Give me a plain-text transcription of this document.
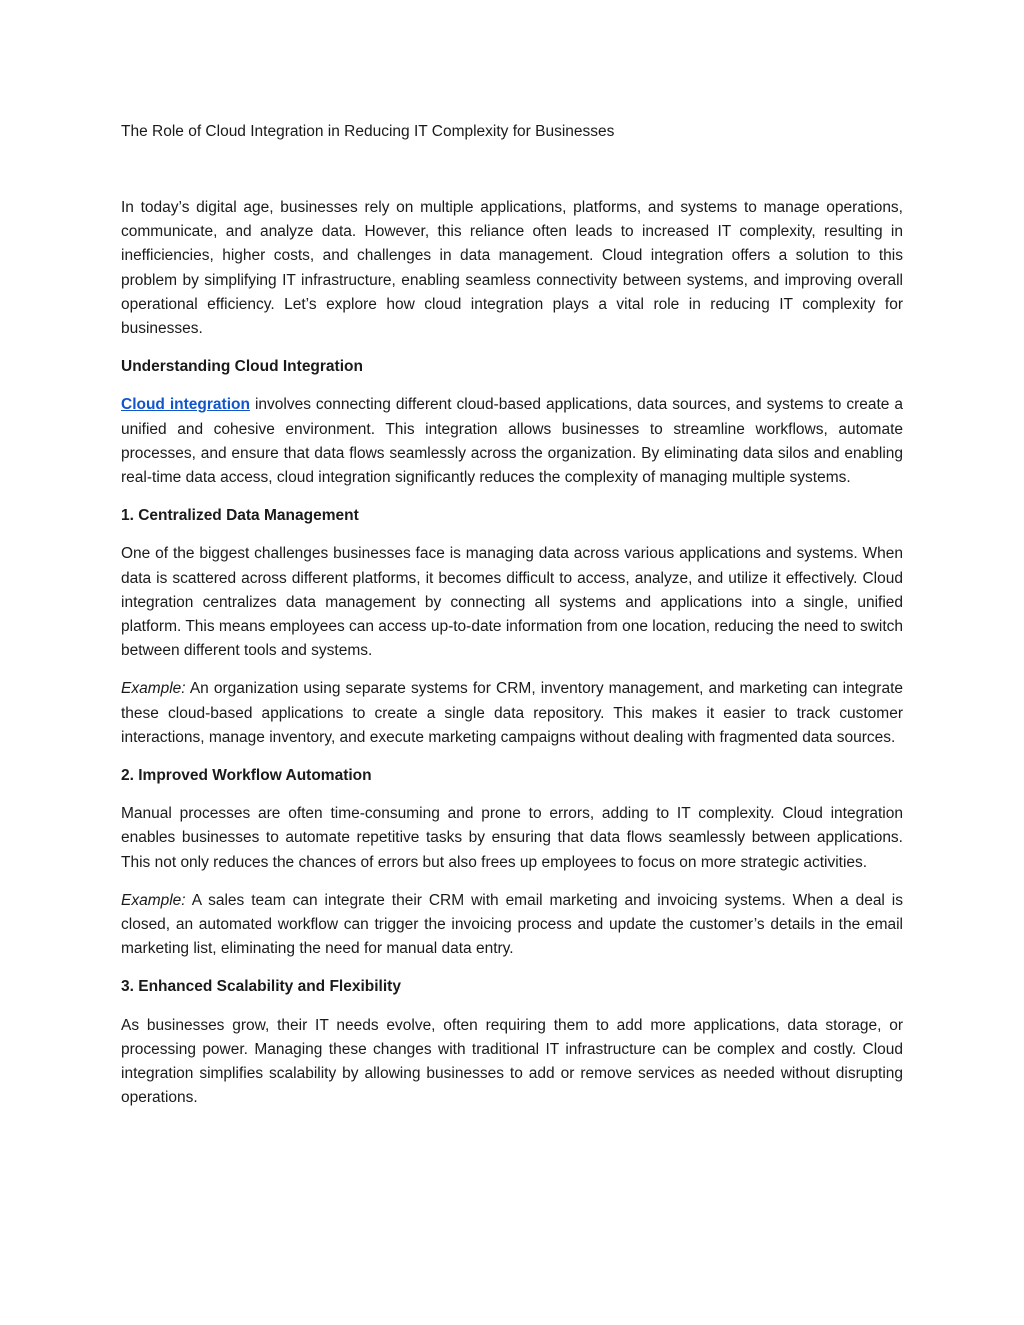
The Role of Cloud Integration in Reducing IT Complexity for Businesses

In today’s digital age, businesses rely on multiple applications, platforms, and systems to manage operations, communicate, and analyze data. However, this reliance often leads to increased IT complexity, resulting in inefficiencies, higher costs, and challenges in data management. Cloud integration offers a solution to this problem by simplifying IT infrastructure, enabling seamless connectivity between systems, and improving overall operational efficiency. Let’s explore how cloud integration plays a vital role in reducing IT complexity for businesses.

Understanding Cloud Integration

Cloud integration involves connecting different cloud-based applications, data sources, and systems to create a unified and cohesive environment. This integration allows businesses to streamline workflows, automate processes, and ensure that data flows seamlessly across the organization. By eliminating data silos and enabling real-time data access, cloud integration significantly reduces the complexity of managing multiple systems.

1. Centralized Data Management

One of the biggest challenges businesses face is managing data across various applications and systems. When data is scattered across different platforms, it becomes difficult to access, analyze, and utilize it effectively. Cloud integration centralizes data management by connecting all systems and applications into a single, unified platform. This means employees can access up-to-date information from one location, reducing the need to switch between different tools and systems.

Example: An organization using separate systems for CRM, inventory management, and marketing can integrate these cloud-based applications to create a single data repository. This makes it easier to track customer interactions, manage inventory, and execute marketing campaigns without dealing with fragmented data sources.

2. Improved Workflow Automation

Manual processes are often time-consuming and prone to errors, adding to IT complexity. Cloud integration enables businesses to automate repetitive tasks by ensuring that data flows seamlessly between applications. This not only reduces the chances of errors but also frees up employees to focus on more strategic activities.

Example: A sales team can integrate their CRM with email marketing and invoicing systems. When a deal is closed, an automated workflow can trigger the invoicing process and update the customer’s details in the email marketing list, eliminating the need for manual data entry.

3. Enhanced Scalability and Flexibility

As businesses grow, their IT needs evolve, often requiring them to add more applications, data storage, or processing power. Managing these changes with traditional IT infrastructure can be complex and costly. Cloud integration simplifies scalability by allowing businesses to add or remove services as needed without disrupting operations.
